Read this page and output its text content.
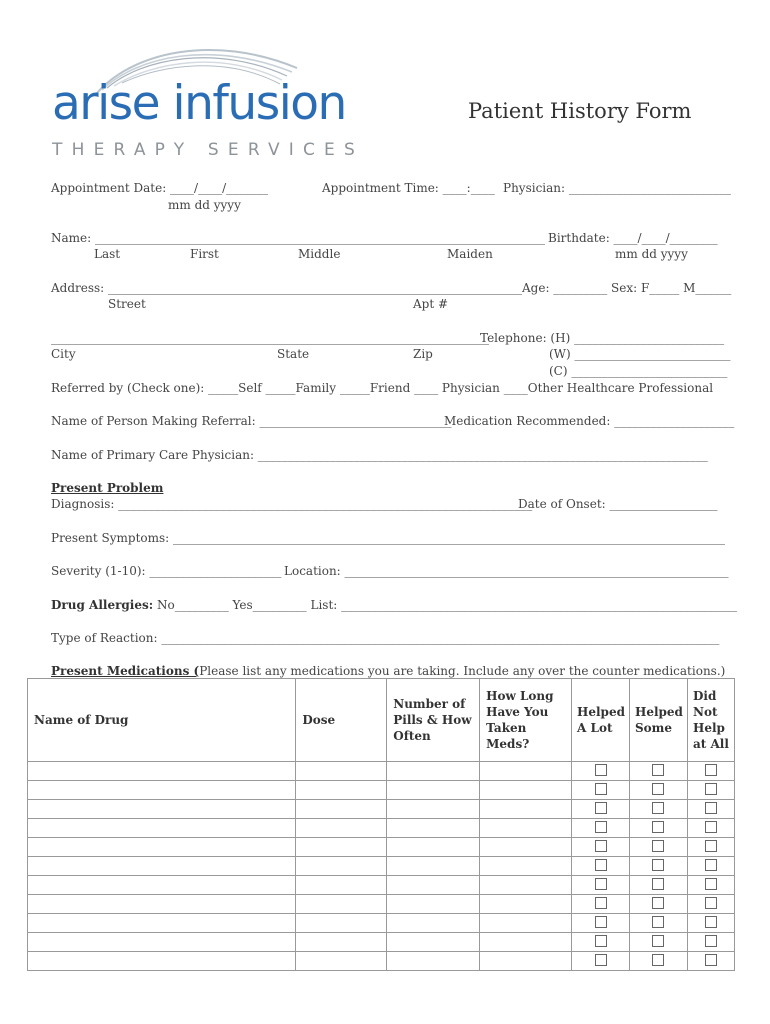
arise infusion
THERAPY SERVICES
Patient History Form
Appointment Date: ____/____/_______
mm dd yyyy
Appointment Time: ____:____ Physician: ___________________________
Name: ___________________________________________________________________________
Last	First	Middle	Maiden
Birthdate: ____/____/________
mm dd yyyy
Address: _____________________________________________________________________
Street	Apt #
Age: _________ Sex: F_____ M______
_________________________________________________________________________
City	State	Zip
Telephone: (H) _________________________
(W) __________________________
(C) __________________________
Referred by (Check one): _____Self _____Family _____Friend ____ Physician ____Other Healthcare Professional
Name of Person Making Referral: ________________________________
Medication Recommended: ____________________
Name of Primary Care Physician: ___________________________________________________________________________
Present Problem
Diagnosis: _____________________________________________________________________
Date of Onset: __________________
Present Symptoms: ____________________________________________________________________________________________
Severity (1-10): ______________________ Location: ________________________________________________________________
Drug Allergies: No_________ Yes_________ List: __________________________________________________________________
Type of Reaction: _____________________________________________________________________________________________
Present Medications (Please list any medications you are taking. Include any over the counter medications.)
Name of Drug	Dose	Number of Pills & How Often	How Long Have You Taken Meds?	Helped A Lot	Helped Some	Did Not Help at All
